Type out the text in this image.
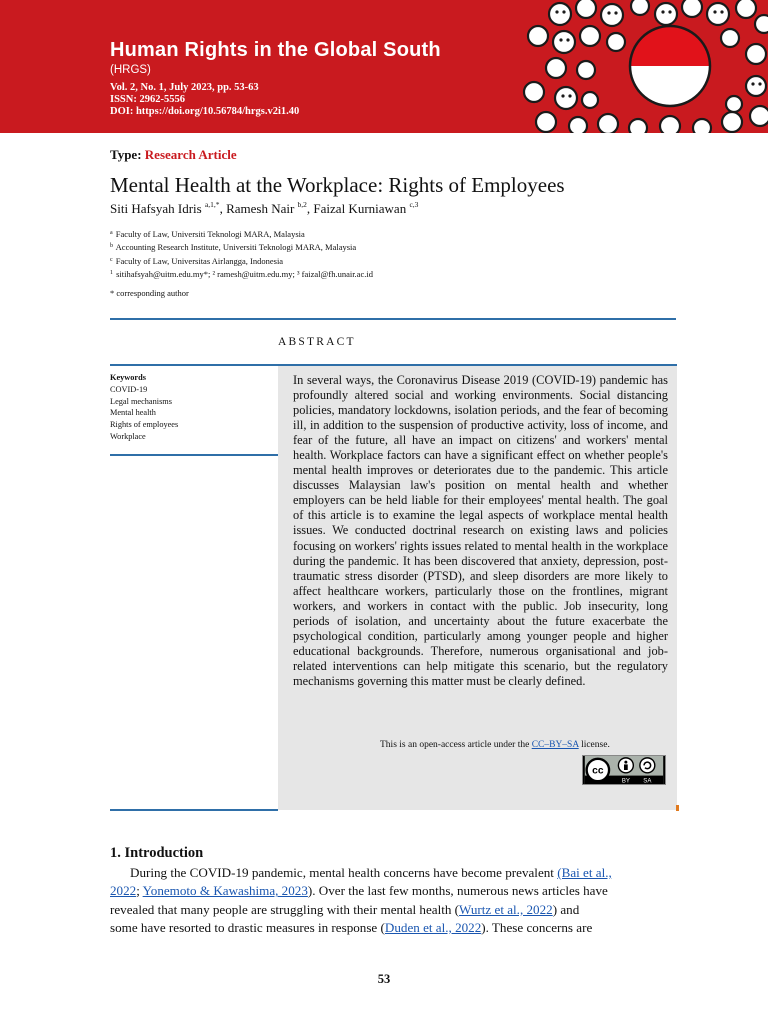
Human Rights in the Global South
(HRGS)
Vol. 2, No. 1, July 2023, pp. 53-63
ISSN: 2962-5556
DOI: https://doi.org/10.56784/hrgs.v2i1.40
Type: Research Article
Mental Health at the Workplace: Rights of Employees
Siti Hafsyah Idris $^{a,1,*}$, Ramesh Nair $^{b,2}$, Faizal Kurniawan $^{c,3}$
$^a$ Faculty of Law, Universiti Teknologi MARA, Malaysia
$^b$ Accounting Research Institute, Universiti Teknologi MARA, Malaysia
$^c$ Faculty of Law, Universitas Airlangga, Indonesia
$^1$ sitihafsyah@uitm.edu.my*; ² ramesh@uitm.edu.my; ³ faizal@fh.unair.ac.id
* corresponding author
ABSTRACT
Keywords
COVID-19
Legal mechanisms
Mental health
Rights of employees
Workplace
In several ways, the Coronavirus Disease 2019 (COVID-19) pandemic has profoundly altered social and working environments. Social distancing policies, mandatory lockdowns, isolation periods, and the fear of becoming ill, in addition to the suspension of productive activity, loss of income, and fear of the future, all have an impact on citizens' and workers' mental health. Workplace factors can have a significant effect on whether people's mental health improves or deteriorates due to the pandemic. This article discusses Malaysian law's position on mental health and whether employers can be held liable for their employees' mental health. The goal of this article is to examine the legal aspects of workplace mental health issues. We conducted doctrinal research on existing laws and policies focusing on workers' rights issues related to mental health in the workplace during the pandemic. It has been discovered that anxiety, depression, post-traumatic stress disorder (PTSD), and sleep disorders are more likely to affect healthcare workers, particularly those on the frontlines, migrant workers, and workers in contact with the public. Job insecurity, long periods of isolation, and uncertainty about the future exacerbate the psychological condition, particularly among younger people and higher educational backgrounds. Therefore, numerous organisational and job-related interventions can help mitigate this scenario, but the regulatory mechanisms governing this matter must be clearly defined.
This is an open-access article under the CC–BY–SA license.
cc
BY SA
1. Introduction
During the COVID-19 pandemic, mental health concerns have become prevalent (Bai et al.,
2022; Yonemoto & Kawashima, 2023). Over the last few months, numerous news articles have
revealed that many people are struggling with their mental health (Wurtz et al., 2022) and
some have resorted to drastic measures in response (Duden et al., 2022). These concerns are
53
